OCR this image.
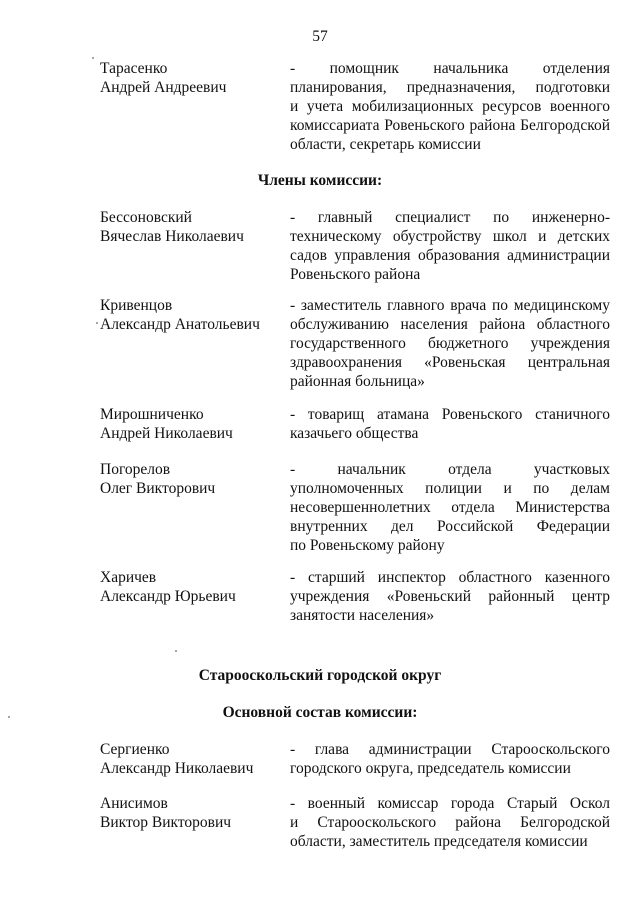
57
Тарасенко
Андрей Андреевич
- помощник начальника отделения
планирования, предназначения, подготовки
и учета мобилизационных ресурсов военного
комиссариата Ровеньского района Белгородской
области, секретарь комиссии
Члены комиссии:
Бессоновский
Вячеслав Николаевич
- главный специалист по инженерно-
техническому обустройству школ и детских
садов управления образования администрации
Ровеньского района
Кривенцов
Александр Анатольевич
- заместитель главного врача по медицинскому
обслуживанию населения района областного
государственного бюджетного учреждения
здравоохранения «Ровеньская центральная
районная больница»
Мирошниченко
Андрей Николаевич
- товарищ атамана Ровеньского станичного
казачьего общества
Погорелов
Олег Викторович
- начальник отдела участковых
уполномоченных полиции и по делам
несовершеннолетних отдела Министерства
внутренних дел Российской Федерации
по Ровеньскому району
Харичев
Александр Юрьевич
- старший инспектор областного казенного
учреждения «Ровеньский районный центр
занятости населения»
Старооскольский городской округ
Основной состав комиссии:
Сергиенко
Александр Николаевич
- глава администрации Старооскольского
городского округа, председатель комиссии
Анисимов
Виктор Викторович
- военный комиссар города Старый Оскол
и Старооскольского района Белгородской
области, заместитель председателя комиссии
